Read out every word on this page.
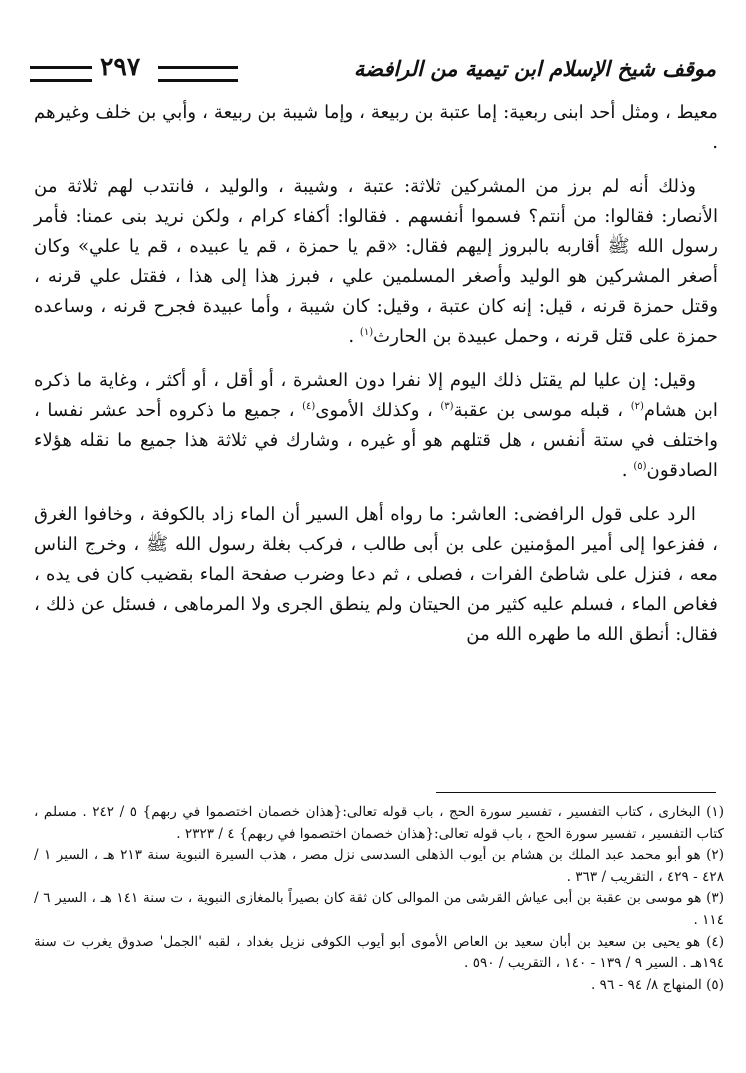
موقف شيخ الإسلام ابن تيمية من الرافضة
٢٩٧

معيط ، ومثل أحد ابنى ربعية: إما عتبة بن ربيعة ، وإما شيبة بن ربيعة ، وأبي بن خلف وغيرهم .

وذلك أنه لم برز من المشركين ثلاثة: عتبة ، وشيبة ، والوليد ، فانتدب لهم ثلاثة من الأنصار: فقالوا: من أنتم؟ فسموا أنفسهم . فقالوا: أكفاء كرام ، ولكن نريد بنى عمنا: فأمر رسول الله ﷺ أقاربه بالبروز إليهم فقال: «قم يا حمزة ، قم يا عبيده ، قم يا علي» وكان أصغر المشركين هو الوليد وأصغر المسلمين علي ، فبرز هذا إلى هذا ، فقتل علي قرنه ، وقتل حمزة قرنه ، قيل: إنه كان عتبة ، وقيل: كان شيبة ، وأما عبيدة فجرح قرنه ، وساعده حمزة على قتل قرنه ، وحمل عبيدة بن الحارث$^{(١)}$ .

وقيل: إن عليا لم يقتل ذلك اليوم إلا نفرا دون العشرة ، أو أقل ، أو أكثر ، وغاية ما ذكره ابن هشام$^{(٢)}$ ، قبله موسى بن عقبة$^{(٣)}$ ، وكذلك الأموى$^{(٤)}$ ، جميع ما ذكروه أحد عشر نفسا ، واختلف في ستة أنفس ، هل قتلهم هو أو غيره ، وشارك في ثلاثة هذا جميع ما نقله هؤلاء الصادقون$^{(٥)}$ .

الرد على قول الرافضى: العاشر: ما رواه أهل السير أن الماء زاد بالكوفة ، وخافوا الغرق ، ففزعوا إلى أمير المؤمنين على بن أبى طالب ، فركب بغلة رسول الله ﷺ ، وخرج الناس معه ، فنزل على شاطئ الفرات ، فصلى ، ثم دعا وضرب صفحة الماء بقضيب كان فى يده ، فغاص الماء ، فسلم عليه كثير من الحيتان ولم ينطق الجرى ولا المرماهى ، فسئل عن ذلك ، فقال: أنطق الله ما طهره الله من

(١) البخارى ، كتاب التفسير ، تفسير سورة الحج ، باب قوله تعالى:{هذان خصمان اختصموا في ربهم} ٥ / ٢٤٢ . مسلم ، كتاب التفسير ، تفسير سورة الحج ، باب قوله تعالى:{هذان خصمان اختصموا في ربهم} ٤ / ٢٣٢٣ .
(٢) هو أبو محمد عبد الملك بن هشام بن أيوب الذهلى السدسى نزل مصر ، هذب السيرة النبوية سنة ٢١٣ هـ ، السير ١ / ٤٢٨ - ٤٢٩ ، التقريب / ٣٦٣ .
(٣) هو موسى بن عقبة بن أبى عياش القرشى من الموالى كان ثقة كان بصيراً بالمغازى النبوية ، ت سنة ١٤١ هـ ، السير ٦ / ١١٤ .
(٤) هو يحيى بن سعيد بن أبان سعيد بن العاص الأموى أبو أيوب الكوفى نزيل بغداد ، لقبه 'الجمل' صدوق يغرب ت سنة ١٩٤هـ . السير ٩ / ١٣٩ - ١٤٠ ، التقريب / ٥٩٠ .
(٥) المنهاج ٨/ ٩٤ - ٩٦ .
